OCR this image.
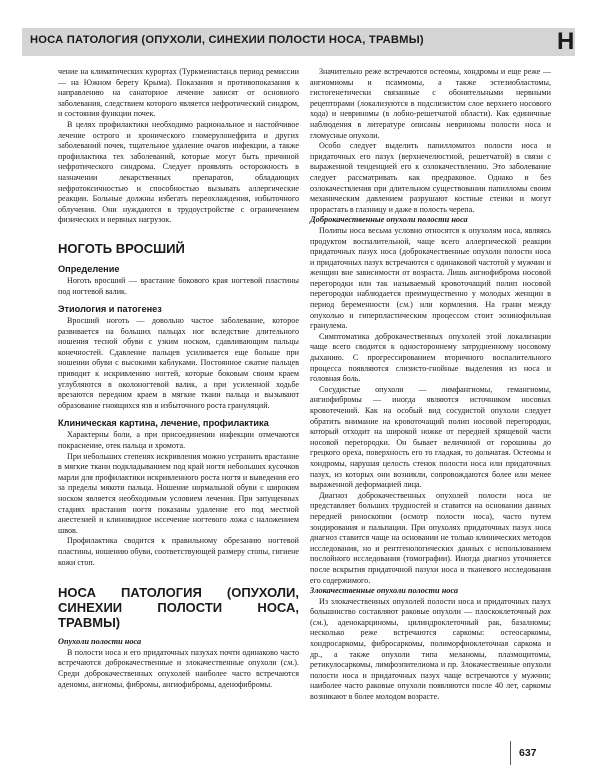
НОСА ПАТОЛОГИЯ (ОПУХОЛИ, СИНЕХИИ ПОЛОСТИ НОСА, ТРАВМЫ)	Н

чение на климатических курортах (Туркменистан,в период ремиссии — на Южном берегу Крыма). Показания и противопоказания к направлению на санаторное лечение зависят от основного заболевания, следствием которого является нефротический синдром, и состояния функции почек.

В целях профилактики необходимо рациональное и настойчивое лечение острого и хронического гломерулонефрита и других заболеваний почек, тщательное удаление очагов инфекции, а также профилактика тех заболеваний, которые могут быть причиной нефротического синдрома. Следует проявлять осторожность в назначении лекарственных препаратов, обладающих нефротоксичностью и способностью вызывать аллергические реакции. Больные должны избегать переохлаждения, избыточного облучения. Они нуждаются в трудоустройстве с ограничением физических и нервных нагрузок.

НОГОТЬ ВРОСШИЙ
Определение

Ноготь вросший — врастание бокового края ногтевой пластины под ногтевой валик.

Этиология и патогенез

Вросший ноготь — довольно частое заболевание, которое развивается на больших пальцах ног вследствие длительного ношения тесной обуви с узким носком, сдавливающим пальцы конечностей. Сдавление пальцев усиливается еще больше при ношении обуви с высокими каблуками. Постоянное сжатие пальцев приводит к искривлению ногтей, которые боковым своим краем углубляются в околоногтевой валик, а при усиленной ходьбе врезаются передним краем в мягкие ткани пальца и вызывают образование гноящихся язв и избыточного роста грануляций.

Клиническая картина, лечение, профилактика

Характерны боли, а при присоединении инфекции отмечаются покраснение, отек пальца и хромота.

При небольших степенях искривления можно устранить врастание в мягкие ткани подкладыванием под край ногтя небольших кусочков марли для профилактики искривленного роста ногтя и выведения его за пределы мякоти пальца. Ношение нормальной обуви с широким носком является необходимым условием лечения. При запущенных стадиях врастания ногтя показаны удаление его под местной анестезией и клиновидное иссечение ногтевого ложа с наложением швов.

Профилактика сводится к правильному обрезанию ногтевой пластины, ношению обуви, соответствующей размеру стопы, гигиене кожи стоп.

НОСА ПАТОЛОГИЯ (ОПУХОЛИ, СИНЕХИИ ПОЛОСТИ НОСА, ТРАВМЫ)
Опухоли полости носа

В полости носа и его придаточных пазухах почти одинаково часто встречаются доброкачественные и злокачественные опухоли (см.). Среди доброкачественных опухолей наиболее часто встречаются аденомы, ангиомы, фибромы, ангиофибромы, аденофибромы.

Значительно реже встречаются остеомы, хондромы и еще реже — ангиомиомы и псаммомы, а также эстезиобластомы, гистогенетически связанные с обонятельными нервными рецепторами (локализуются в подслизистом слое верхнего носового хода) и невриномы (в лобно-решетчатой области). Как единичные наблюдения в литературе описаны невриномы полости носа и гломусные опухоли.

Особо следует выделить папилломатоз полости носа и придаточных его пазух (верхнечелюстной, решетчатой) в связи с выраженной тенденцией его к озлокачествлению. Это заболевание следует рассматривать как предраковое. Однако и без озлокачествления при длительном существовании папилломы своим механическим давлением разрушают костные стенки и могут прорастать в глазницу и даже в полость черепа.

Доброкачественные опухоли полости носа

Полипы носа весьма условно относятся к опухолям носа, являясь продуктом воспалительной, чаще всего аллергической реакции придаточных пазух носа (доброкачественные опухоли полости носа и придаточных пазух встречаются с одинаковой частотой у мужчин и женщин вне зависимости от возраста. Лишь ангиофиброма носовой перегородки или так называемый кровоточащий полип носовой перегородки наблюдается преимущественно у молодых женщин в период беременности (см.) или кормления. На грани между опухолью и гиперпластическим процессом стоит эозинофильная гранулема.

Симптоматика доброкачественных опухолей этой локализации чаще всего сводится к одностороннему затрудненному носовому дыханию. С прогрессированием вторичного воспалительного процесса появляются слизисто-гнойные выделения из носа и головная боль.

Сосудистые опухоли — лимфангиомы, гемангиомы, ангиофибромы — иногда являются источником носовых кровотечений. Как на особый вид сосудистой опухоли следует обратить внимание на кровоточащий полип носовой перегородки, который отходит на широкой ножке от передней хрящевой части носовой перегородки. Он бывает величиной от горошины до грецкого ореха, поверхность его то гладкая, то дольчатая. Остеомы и хондромы, нарушая целость стенок полости носа или придаточных пазух, из которых они возникли, сопровождаются более или менее выраженной деформацией лица.

Диагноз доброкачественных опухолей полости носа не представляет больших трудностей и ставится на основании данных передней риноскопии (осмотр полости носа), часто путем зондирования и пальпации. При опухолях придаточных пазух носа диагноз ставится чаще на основании не только клинических методов исследования, но и рентгенологических данных с использованием послойного исследования (томографии). Иногда диагноз уточняется после вскрытия придаточной пазухи носа и тканевого исследования его содержимого.

Злокачественные опухоли полости носа

Из злокачественных опухолей полости носа и придаточных пазух большинство составляют раковые опухоли — плоскоклеточный рак (см.), аденокарциномы, цилиндроклеточный рак, базалиомы; несколько реже встречаются саркомы: остеосаркомы, хондросаркомы, фибросаркомы, полиморфноклеточная саркома и др., а также опухоли типа меланомы, плазмоцитомы, ретикулосаркомы, лимфоэпителиома и пр. Злокачественные опухоли полости носа и придаточных пазух чаще встречаются у мужчин; наиболее часто раковые опухоли появляются после 40 лет, саркомы возникают в более молодом возрасте.

637
